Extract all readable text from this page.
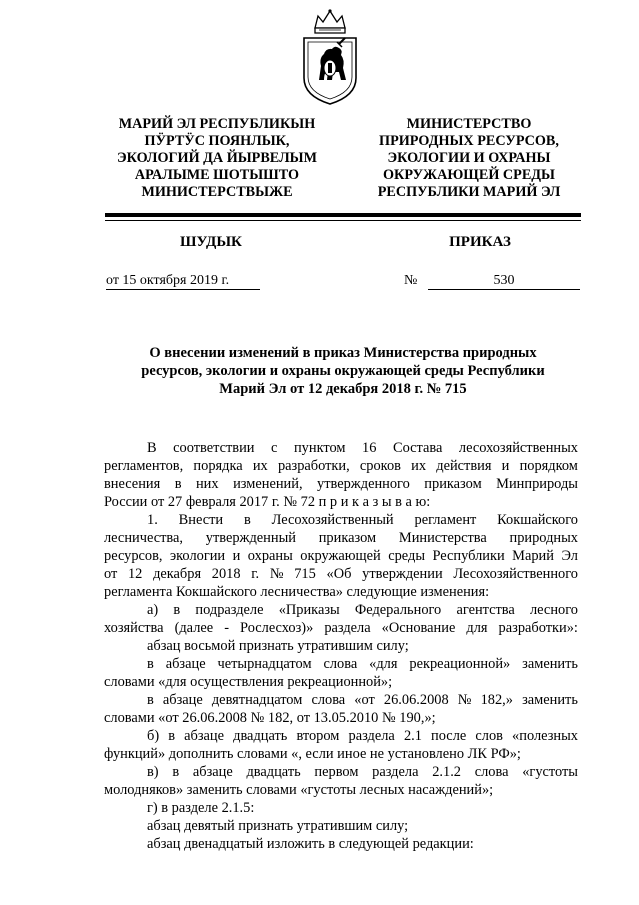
МАРИЙ ЭЛ РЕСПУБЛИКЫН
ПӰРТӰС ПОЯНЛЫК,
ЭКОЛОГИЙ ДА ЙЫРВЕЛЫМ
АРАЛЫМЕ ШОТЫШТО
МИНИСТЕРСТВЫЖЕ
МИНИСТЕРСТВО
ПРИРОДНЫХ РЕСУРСОВ,
ЭКОЛОГИИ И ОХРАНЫ
ОКРУЖАЮЩЕЙ СРЕДЫ
РЕСПУБЛИКИ МАРИЙ ЭЛ
ШУДЫК	ПРИКАЗ
от 15 октября 2019 г.	№	530
О внесении изменений в приказ Министерства природных
ресурсов, экологии и охраны окружающей среды Республики
Марий Эл от 12 декабря 2018 г. № 715
В соответствии с пунктом 16 Состава лесохозяйственных
регламентов, порядка их разработки, сроков их действия и порядком
внесения в них изменений, утвержденного приказом Минприроды
России от 27 февраля 2017 г. № 72 п р и к а з ы в а ю:
1. Внести в Лесохозяйственный регламент Кокшайского
лесничества, утвержденный приказом Министерства природных
ресурсов, экологии и охраны окружающей среды Республики Марий Эл
от 12 декабря 2018 г. № 715 «Об утверждении Лесохозяйственного
регламента Кокшайского лесничества» следующие изменения:
а) в подразделе «Приказы Федерального агентства лесного
хозяйства (далее - Рослесхоз)» раздела «Основание для разработки»:
абзац восьмой признать утратившим силу;
в абзаце четырнадцатом слова «для рекреационной» заменить
словами «для осуществления рекреационной»;
в абзаце девятнадцатом слова «от 26.06.2008 № 182,» заменить
словами «от 26.06.2008 № 182, от 13.05.2010 № 190,»;
б) в абзаце двадцать втором раздела 2.1 после слов «полезных
функций» дополнить словами «, если иное не установлено ЛК РФ»;
в) в абзаце двадцать первом раздела 2.1.2 слова «густоты
молодняков» заменить словами «густоты лесных насаждений»;
г) в разделе 2.1.5:
абзац девятый признать утратившим силу;
абзац двенадцатый изложить в следующей редакции:
